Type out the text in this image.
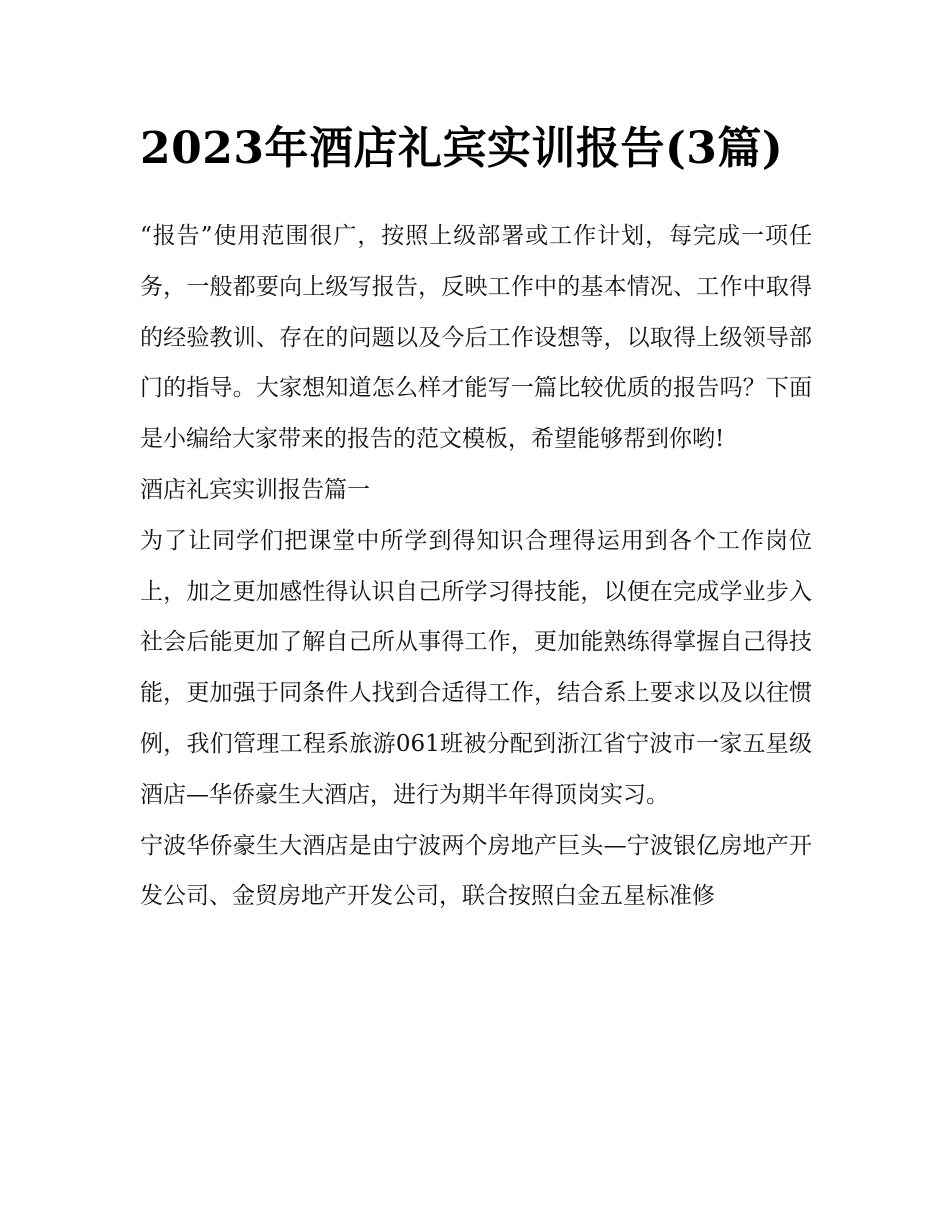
2023年酒店礼宾实训报告(3篇)

“报告”使用范围很广，按照上级部署或工作计划，每完成一项任务，一般都要向上级写报告，反映工作中的基本情况、工作中取得的经验教训、存在的问题以及今后工作设想等，以取得上级领导部门的指导。大家想知道怎么样才能写一篇比较优质的报告吗？下面是小编给大家带来的报告的范文模板，希望能够帮到你哟!

酒店礼宾实训报告篇一

为了让同学们把课堂中所学到得知识合理得运用到各个工作岗位上，加之更加感性得认识自己所学习得技能，以便在完成学业步入社会后能更加了解自己所从事得工作，更加能熟练得掌握自己得技能，更加强于同条件人找到合适得工作，结合系上要求以及以往惯例，我们管理工程系旅游061班被分配到浙江省宁波市一家五星级酒店—华侨豪生大酒店，进行为期半年得顶岗实习。

宁波华侨豪生大酒店是由宁波两个房地产巨头—宁波银亿房地产开发公司、金贸房地产开发公司，联合按照白金五星标准修
